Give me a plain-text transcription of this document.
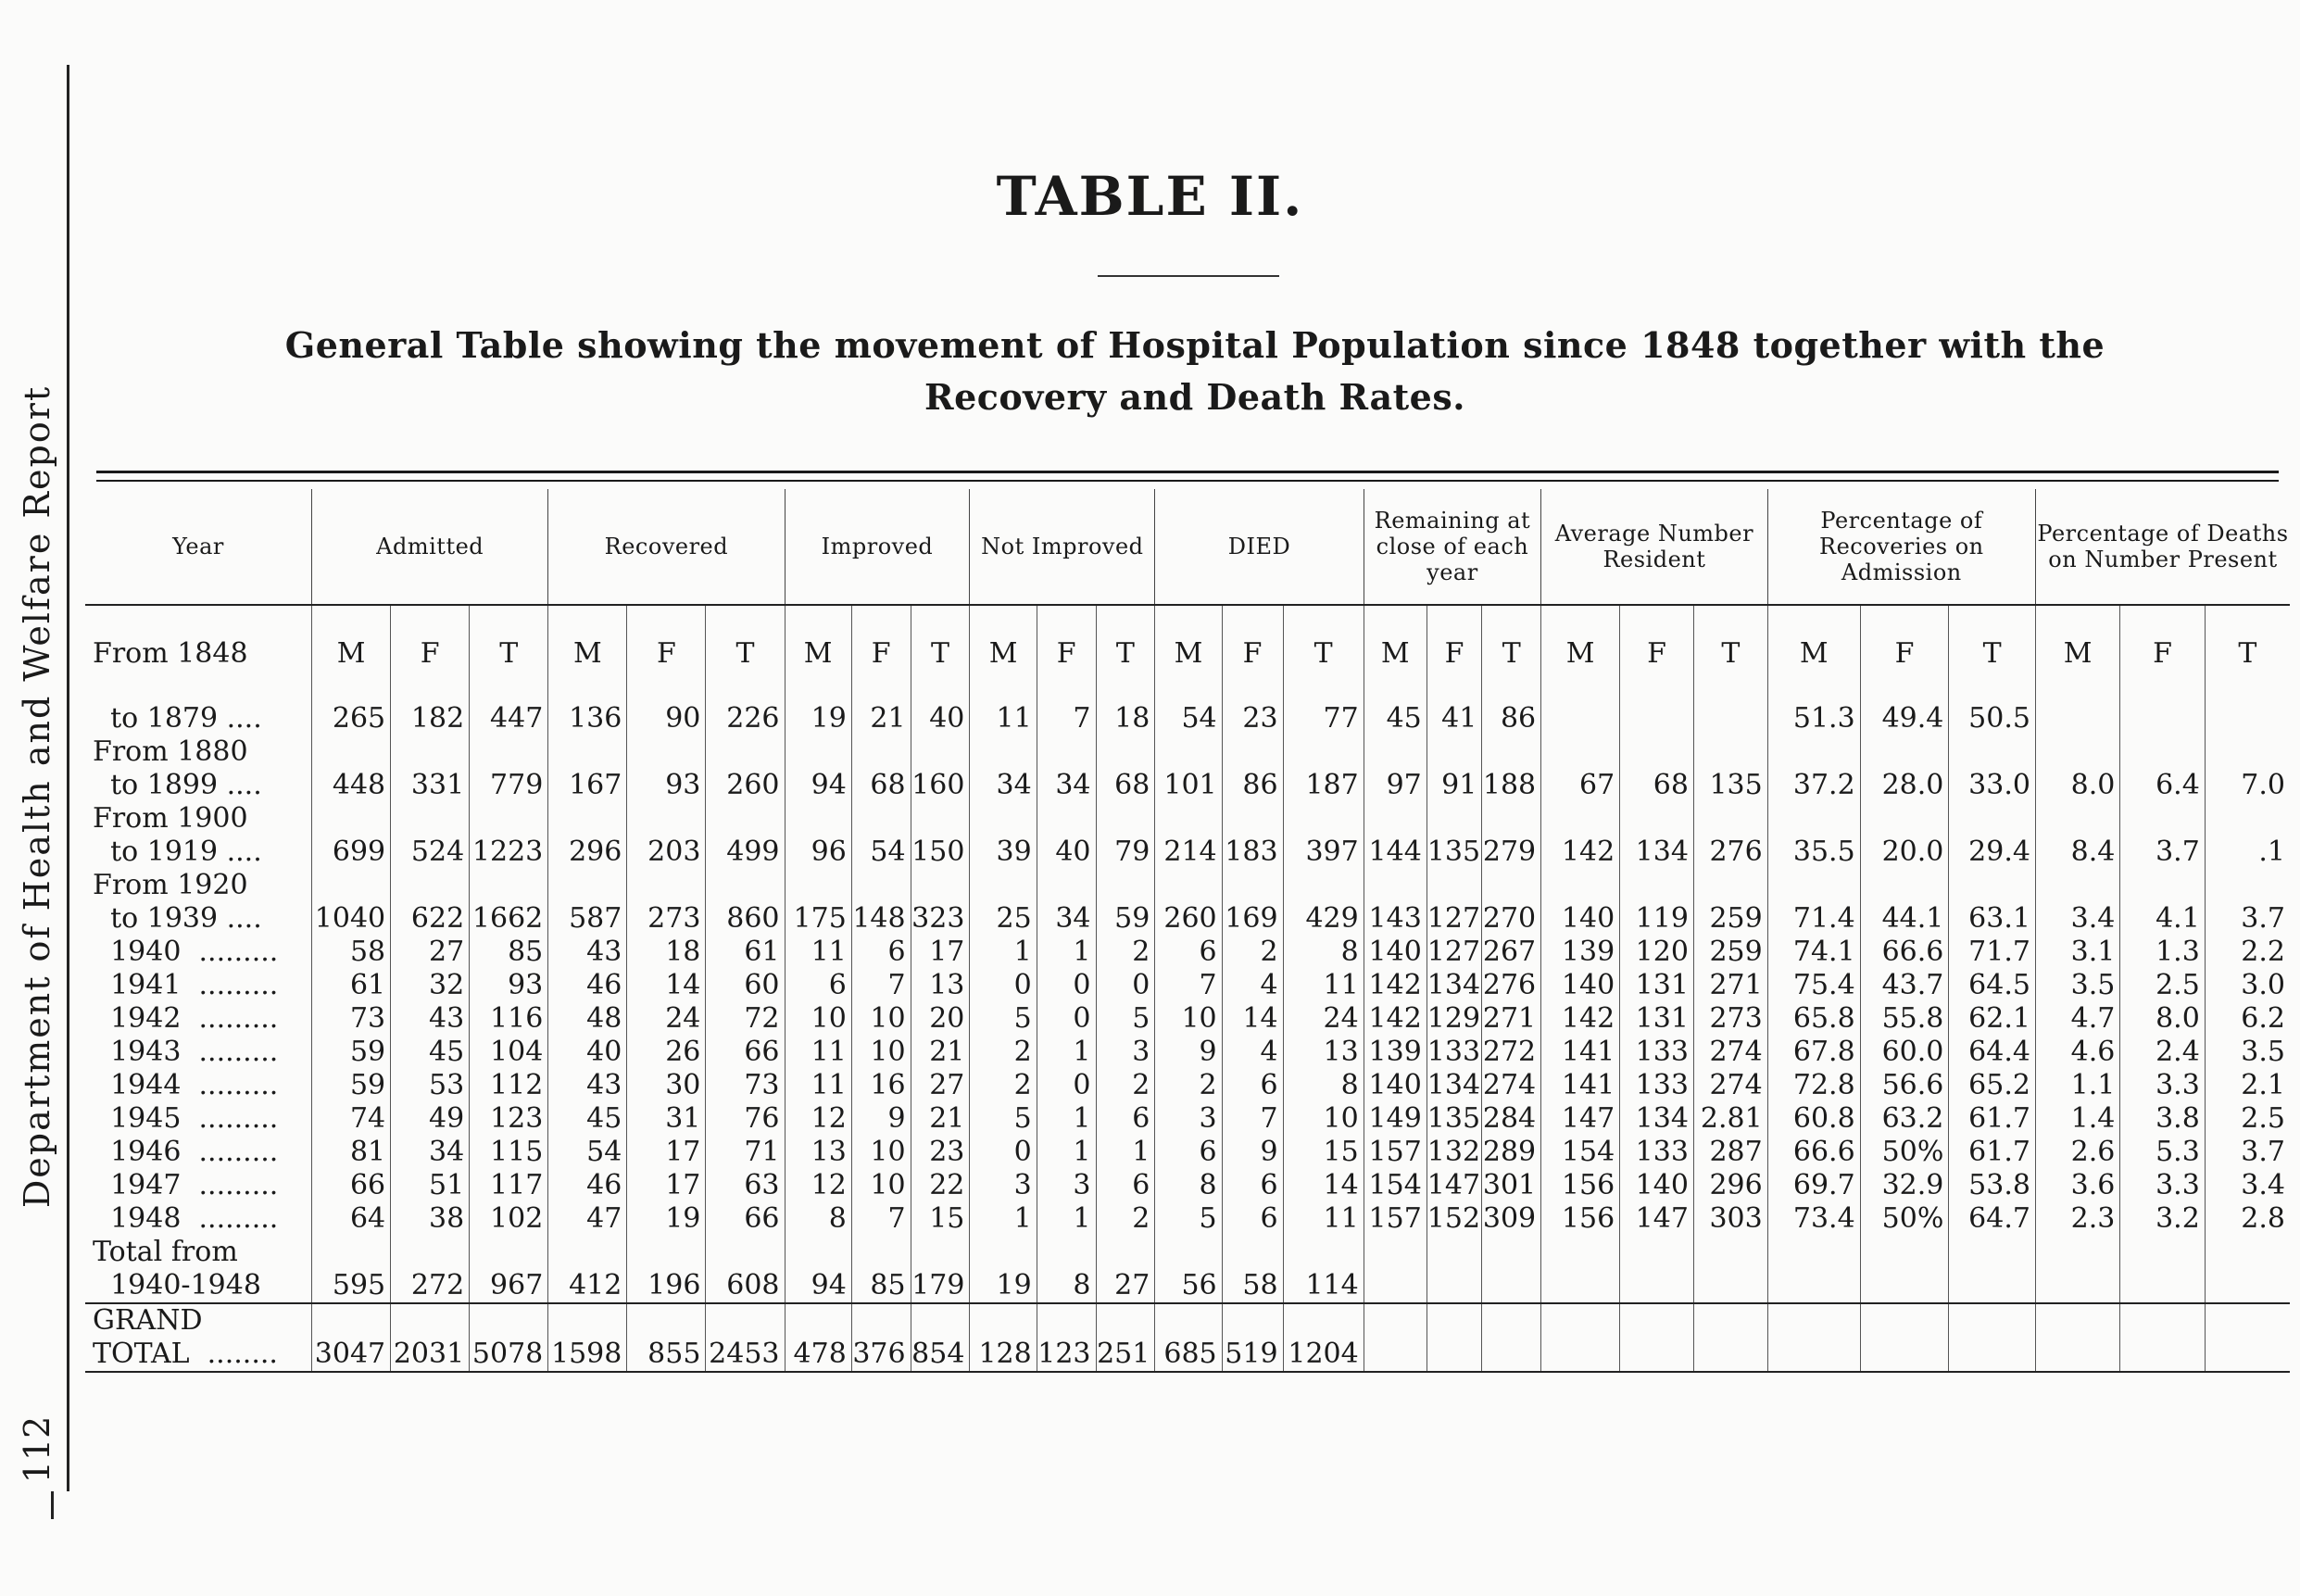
Department of Health and Welfare Report
112
TABLE II.
General Table showing the movement of Hospital Population since 1848 together with the Recovery and Death Rates.
Year	Admitted			Recovered			Improved			Not Improved			DIED			Remaining at close of each year			Average Number Resident			Percentage of Recoveries on Admission			Percentage of Deaths on Number Present		
From 1848	M	F	T	M	F	T	M	F	T	M	F	T	M	F	T	M	F	T	M	F	T	M	F	T	M	F	T
to 1879 ....	265	182	447	136	90	226	19	21	40	11	7	18	54	23	77	45	41	86				51.3	49.4	50.5			
From 1880																											
to 1899 ....	448	331	779	167	93	260	94	68	160	34	34	68	101	86	187	97	91	188	67	68	135	37.2	28.0	33.0	8.0	6.4	7.0
From 1900																											
to 1919 ....	699	524	1223	296	203	499	96	54	150	39	40	79	214	183	397	144	135	279	142	134	276	35.5	20.0	29.4	8.4	3.7	.1
From 1920																											
to 1939 ....	1040	622	1662	587	273	860	175	148	323	25	34	59	260	169	429	143	127	270	140	119	259	71.4	44.1	63.1	3.4	4.1	3.7
1940  .........	58	27	85	43	18	61	11	6	17	1	1	2	6	2	8	140	127	267	139	120	259	74.1	66.6	71.7	3.1	1.3	2.2
1941  .........	61	32	93	46	14	60	6	7	13	0	0	0	7	4	11	142	134	276	140	131	271	75.4	43.7	64.5	3.5	2.5	3.0
1942  .........	73	43	116	48	24	72	10	10	20	5	0	5	10	14	24	142	129	271	142	131	273	65.8	55.8	62.1	4.7	8.0	6.2
1943  .........	59	45	104	40	26	66	11	10	21	2	1	3	9	4	13	139	133	272	141	133	274	67.8	60.0	64.4	4.6	2.4	3.5
1944  .........	59	53	112	43	30	73	11	16	27	2	0	2	2	6	8	140	134	274	141	133	274	72.8	56.6	65.2	1.1	3.3	2.1
1945  .........	74	49	123	45	31	76	12	9	21	5	1	6	3	7	10	149	135	284	147	134	2.81	60.8	63.2	61.7	1.4	3.8	2.5
1946  .........	81	34	115	54	17	71	13	10	23	0	1	1	6	9	15	157	132	289	154	133	287	66.6	50%	61.7	2.6	5.3	3.7
1947  .........	66	51	117	46	17	63	12	10	22	3	3	6	8	6	14	154	147	301	156	140	296	69.7	32.9	53.8	3.6	3.3	3.4
1948  .........	64	38	102	47	19	66	8	7	15	1	1	2	5	6	11	157	152	309	156	147	303	73.4	50%	64.7	2.3	3.2	2.8
Total from																											
1940-1948	595	272	967	412	196	608	94	85	179	19	8	27	56	58	114												
GRAND																											
TOTAL  ........	3047	2031	5078	1598	855	2453	478	376	854	128	123	251	685	519	1204												
